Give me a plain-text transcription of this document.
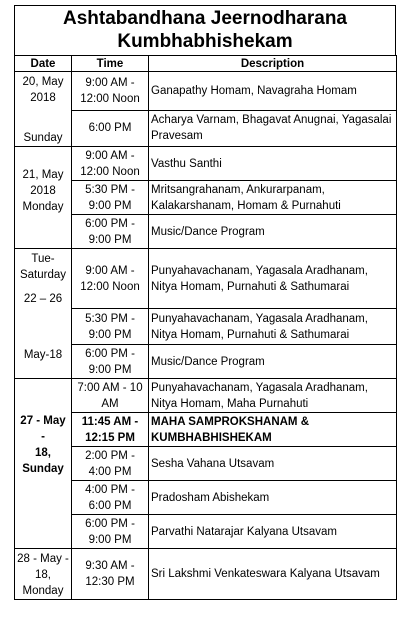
Ashtabandhana Jeernodharana
Kumbhabhishekam
Date	Time	Description

20, May
2018
Sunday	9:00 AM - 12:00 Noon	Ganapathy Homam, Navagraha Homam
	6:00 PM	Acharya Varnam, Bhagavat Anugnai, Yagasalai Pravesam

21, May
2018
Monday	9:00 AM - 12:00 Noon	Vasthu Santhi
	5:30 PM - 9:00 PM	Mritsangrahanam, Ankurarpanam, Kalakarshanam, Homam & Purnahuti
	6:00 PM - 9:00 PM	Music/Dance Program

Tue-
Saturday
22 – 26
May-18	9:00 AM - 12:00 Noon	Punyahavachanam, Yagasala Aradhanam, Nitya Homam, Purnahuti & Sathumarai
	5:30 PM - 9:00 PM	Punyahavachanam, Yagasala Aradhanam, Nitya Homam, Purnahuti & Sathumarai
	6:00 PM - 9:00 PM	Music/Dance Program

27 - May -
18,
Sunday	7:00 AM - 10 AM	Punyahavachanam, Yagasala Aradhanam, Nitya Homam, Maha Purnahuti
	11:45 AM - 12:15 PM	MAHA SAMPROKSHANAM & KUMBHABHISHEKAM
	2:00 PM - 4:00 PM	Sesha Vahana Utsavam
	4:00 PM - 6:00 PM	Pradosham Abishekam
	6:00 PM - 9:00 PM	Parvathi Natarajar Kalyana Utsavam

28 - May -
18,
Monday	9:30 AM - 12:30 PM	Sri Lakshmi Venkateswara Kalyana Utsavam
